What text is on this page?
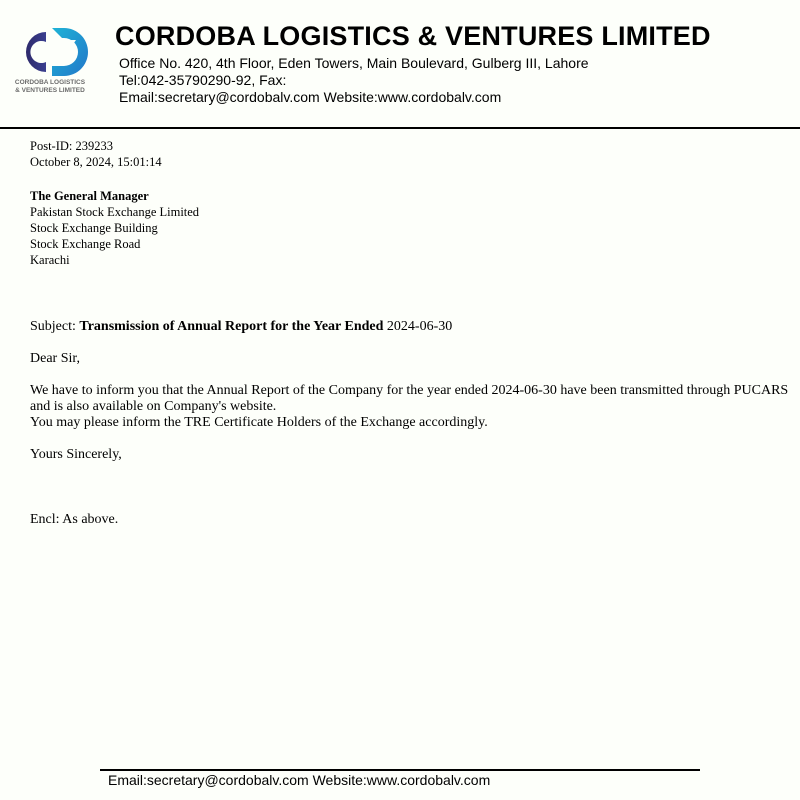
CORDOBA LOGISTICS
& VENTURES LIMITED
CORDOBA LOGISTICS & VENTURES LIMITED
Office No. 420, 4th Floor, Eden Towers, Main Boulevard, Gulberg III, Lahore
Tel:042-35790290-92, Fax:
Email:secretary@cordobalv.com Website:www.cordobalv.com
Post-ID: 239233
October 8, 2024, 15:01:14
The General Manager
Pakistan Stock Exchange Limited
Stock Exchange Building
Stock Exchange Road
Karachi
Subject: Transmission of Annual Report for the Year Ended 2024-06-30
Dear Sir,
We have to inform you that the Annual Report of the Company for the year ended 2024-06-30 have been transmitted through PUCARS and is also available on Company's website.
You may please inform the TRE Certificate Holders of the Exchange accordingly.
Yours Sincerely,
Encl: As above.
Email:secretary@cordobalv.com Website:www.cordobalv.com
